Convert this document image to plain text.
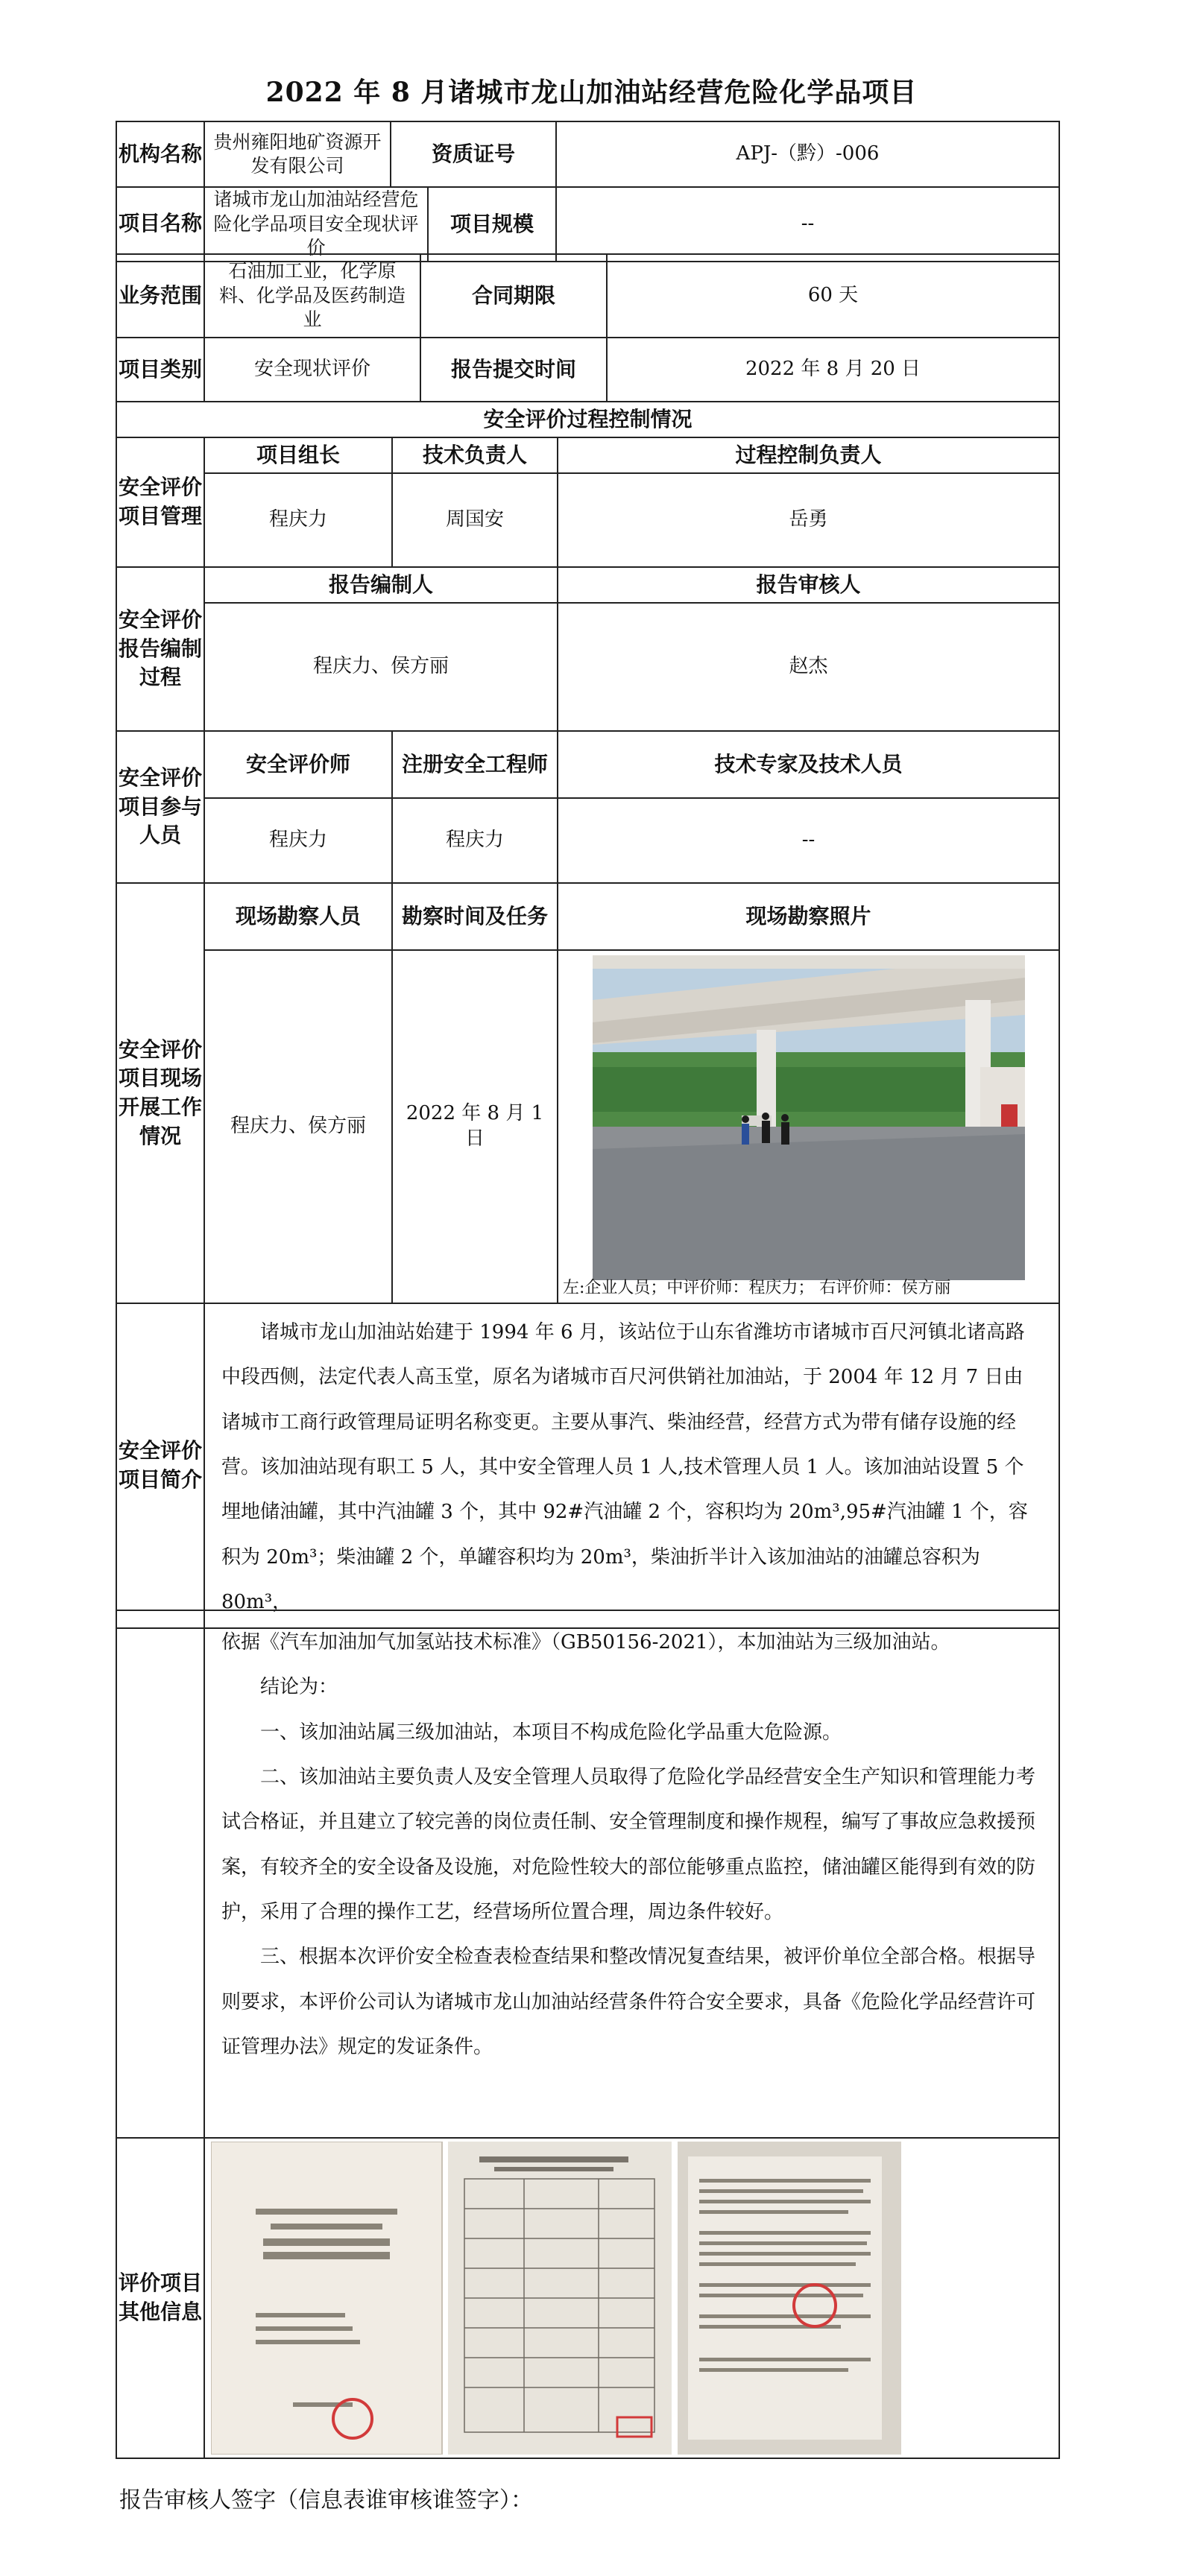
2022 年 8 月诸城市龙山加油站经营危险化学品项目
机构名称	贵州雍阳地矿资源开发有限公司	资质证号	APJ-（黔）-006
项目名称	诸城市龙山加油站经营危险化学品项目安全现状评价	项目规模	--
业务范围	石油加工业，化学原料、化学品及医药制造业	合同期限	60 天
项目类别	安全现状评价	报告提交时间	2022 年 8 月 20 日
安全评价过程控制情况			
安全评价项目管理	项目组长	技术负责人	过程控制负责人
	程庆力	周国安	岳勇
安全评价报告编制过程	报告编制人		报告审核人
	程庆力、侯方丽		赵杰
安全评价项目参与人员	安全评价师	注册安全工程师	技术专家及技术人员
	程庆力	程庆力	--
安全评价项目现场开展工作情况	现场勘察人员	勘察时间及任务	现场勘察照片
	程庆力、侯方丽	2022 年 8 月 1 日	左:企业人员；中评价师：程庆力； 右评价师：侯方丽

安全评价项目简介	诸城市龙山加油站始建于 1994 年 6 月，该站位于山东省潍坊市诸城市百尺河镇北诸高路中段西侧，法定代表人高玉堂，原名为诸城市百尺河供销社加油站，于 2004 年 12 月 7 日由诸城市工商行政管理局证明名称变更。主要从事汽、柴油经营，经营方式为带有储存设施的经营。该加油站现有职工 5 人，其中安全管理人员 1 人,技术管理人员 1 人。该加油站设置 5 个埋地储油罐，其中汽油罐 3 个，其中 92#汽油罐 2 个，容积均为 20m³,95#汽油罐 1 个，容积为 20m³；柴油罐 2 个，单罐容积均为 20m³，柴油折半计入该加油站的油罐总容积为 80m³，		

	依据《汽车加油加气加氢站技术标准》（GB50156-2021），本加油站为三级加油站。

结论为：

一、该加油站属三级加油站，本项目不构成危险化学品重大危险源。

二、该加油站主要负责人及安全管理人员取得了危险化学品经营安全生产知识和管理能力考试合格证，并且建立了较完善的岗位责任制、安全管理制度和操作规程，编写了事故应急救援预案，有较齐全的安全设备及设施，对危险性较大的部位能够重点监控，储油罐区能得到有效的防护，采用了合理的操作工艺，经营场所位置合理，周边条件较好。

三、根据本次评价安全检查表检查结果和整改情况复查结果，被评价单位全部合格。根据导则要求，本评价公司认为诸城市龙山加油站经营条件符合安全要求，具备《危险化学品经营许可证管理办法》规定的发证条件。

评价项目其他信息	
报告审核人签字（信息表谁审核谁签字）：
